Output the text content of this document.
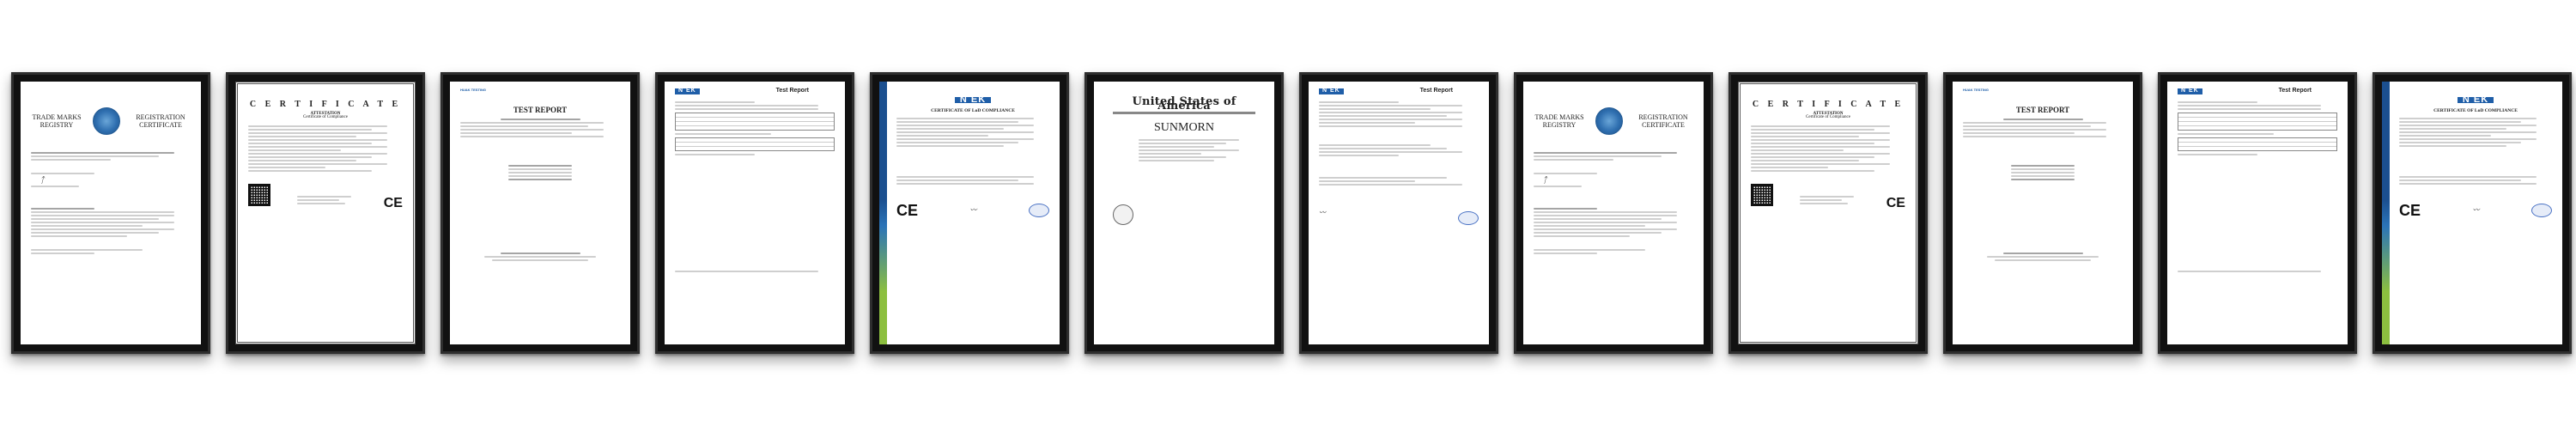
TRADE MARKS
REGISTRY
REGISTRATION
CERTIFICATE
ᛏ
C E R T I F I C A T E
ATTESTATION
Certificate of Compliance
CE
HUAK TESTING
TEST REPORT
N EK	Test Report
N EK
CERTIFICATE OF LoD COMPLIANCE
CE	〰
United States of America
SUNMORN
N EK	Test Report
〰
TRADE MARKS
REGISTRY
REGISTRATION
CERTIFICATE
ᛏ
C E R T I F I C A T E
ATTESTATION
Certificate of Compliance
CE
HUAK TESTING
TEST REPORT
N EK	Test Report
N EK
CERTIFICATE OF LoD COMPLIANCE
CE	〰
